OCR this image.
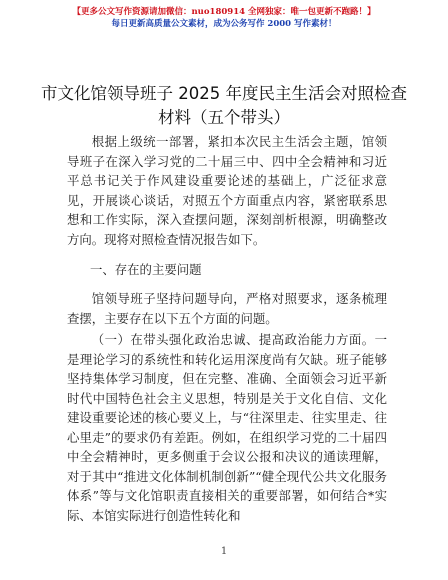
【更多公文写作资源请加微信：nuo180914 全网独家：唯一包更新不跑路！】
每日更新高质量公文素材，成为公务写作 2000 写作素材！
市文化馆领导班子 2025 年度民主生活会对照检查材料（五个带头）

根据上级统一部署，紧扣本次民主生活会主题，馆领导班子在深入学习党的二十届三中、四中全会精神和习近平总书记关于作风建设重要论述的基础上，广泛征求意见，开展谈心谈话，对照五个方面重点内容，紧密联系思想和工作实际，深入查摆问题，深刻剖析根源，明确整改方向。现将对照检查情况报告如下。

一、存在的主要问题

馆领导班子坚持问题导向，严格对照要求，逐条梳理查摆，主要存在以下五个方面的问题。

（一）在带头强化政治忠诚、提高政治能力方面。一是理论学习的系统性和转化运用深度尚有欠缺。班子能够坚持集体学习制度，但在完整、准确、全面领会习近平新时代中国特色社会主义思想，特别是关于文化自信、文化建设重要论述的核心要义上，与“往深里走、往实里走、往心里走”的要求仍有差距。例如，在组织学习党的二十届四中全会精神时，更多侧重于会议公报和决议的通读理解，对于其中“推进文化体制机制创新”“健全现代公共文化服务体系”等与文化馆职责直接相关的重要部署，如何结合*实际、本馆实际进行创造性转化和

1
